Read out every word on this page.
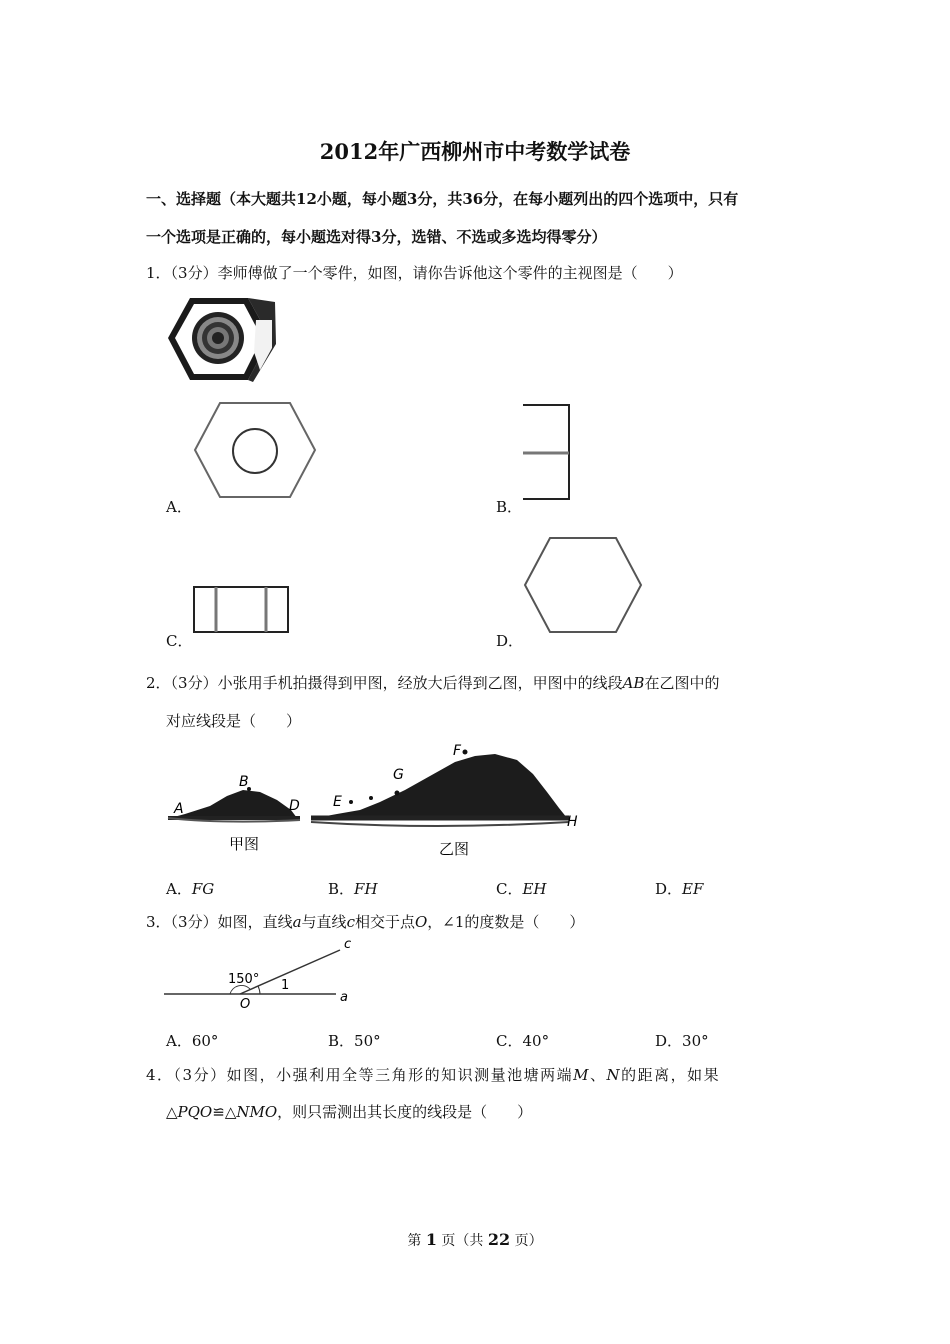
2012年广西柳州市中考数学试卷
一、选择题（本大题共12小题，每小题3分，共36分，在每小题列出的四个选项中，只有
一个选项是正确的，每小题选对得3分，选错、不选或多选均得零分）
1．（3分）李师傅做了一个零件，如图，请你告诉他这个零件的主视图是（　　）
A．	B．
C．	D．
2．（3分）小张用手机拍摄得到甲图，经放大后得到乙图，甲图中的线段AB在乙图中的
对应线段是（　　）
A
B
D
甲图
E
F
G
H
乙图
A．FG	B．FH	C．EH	D．EF
3．（3分）如图，直线a与直线c相交于点O，∠1的度数是（　　）
150° 1
c
a
O
A．60°	B．50°	C．40°	D．30°
4．（3分）如图，小强利用全等三角形的知识测量池塘两端M、N的距离，如果
△PQO≌△NMO，则只需测出其长度的线段是（　　）
第 1 页（共 22 页）
